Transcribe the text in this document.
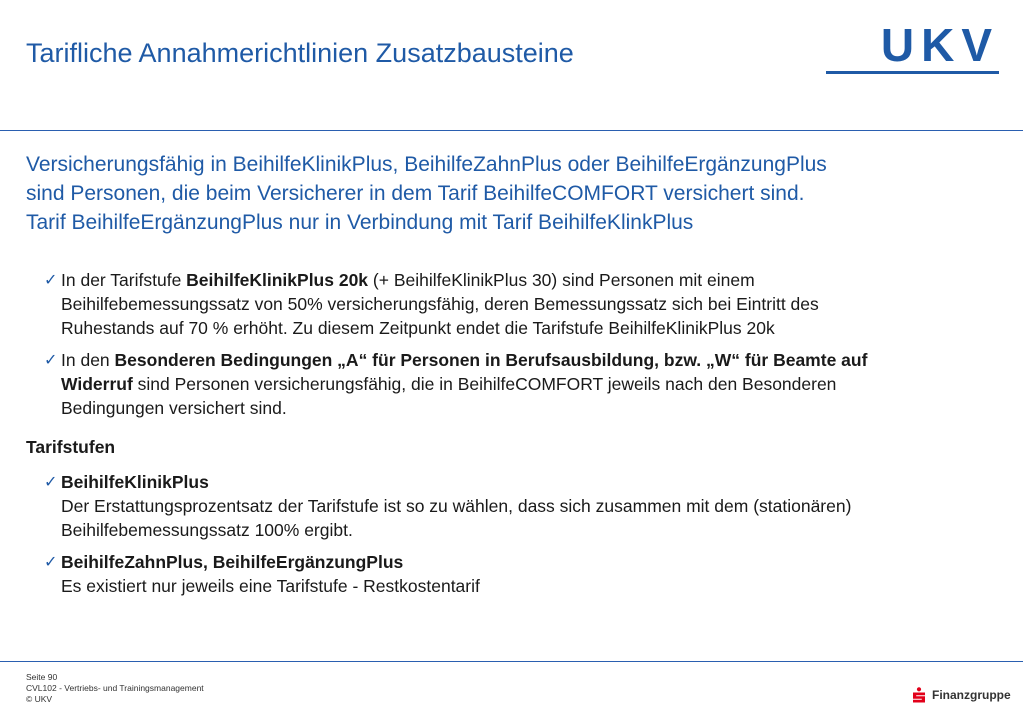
Tarifliche Annahmerichtlinien Zusatzbausteine	UKV

Versicherungsfähig in BeihilfeKlinikPlus, BeihilfeZahnPlus oder BeihilfeErgänzungPlus

sind Personen, die beim Versicherer in dem Tarif BeihilfeCOMFORT versichert sind.

Tarif BeihilfeErgänzungPlus nur in Verbindung mit Tarif BeihilfeKlinkPlus

✓ In der Tarifstufe BeihilfeKlinikPlus 20k (+ BeihilfeKlinikPlus 30) sind Personen mit einem
Beihilfebemessungssatz von 50% versicherungsfähig, deren Bemessungssatz sich bei Eintritt des
Ruhestands auf 70 % erhöht. Zu diesem Zeitpunkt endet die Tarifstufe BeihilfeKlinikPlus 20k
✓ In den Besonderen Bedingungen „A“ für Personen in Berufsausbildung, bzw. „W“ für Beamte auf
Widerruf sind Personen versicherungsfähig, die in BeihilfeCOMFORT jeweils nach den Besonderen
Bedingungen versichert sind.
Tarifstufen
✓ BeihilfeKlinikPlus
Der Erstattungsprozentsatz der Tarifstufe ist so zu wählen, dass sich zusammen mit dem (stationären)
Beihilfebemessungssatz 100% ergibt.
✓ BeihilfeZahnPlus, BeihilfeErgänzungPlus
Es existiert nur jeweils eine Tarifstufe - Restkostentarif
Seite 90
CVL102 - Vertriebs- und Trainingsmanagement
© UKV	Finanzgruppe
